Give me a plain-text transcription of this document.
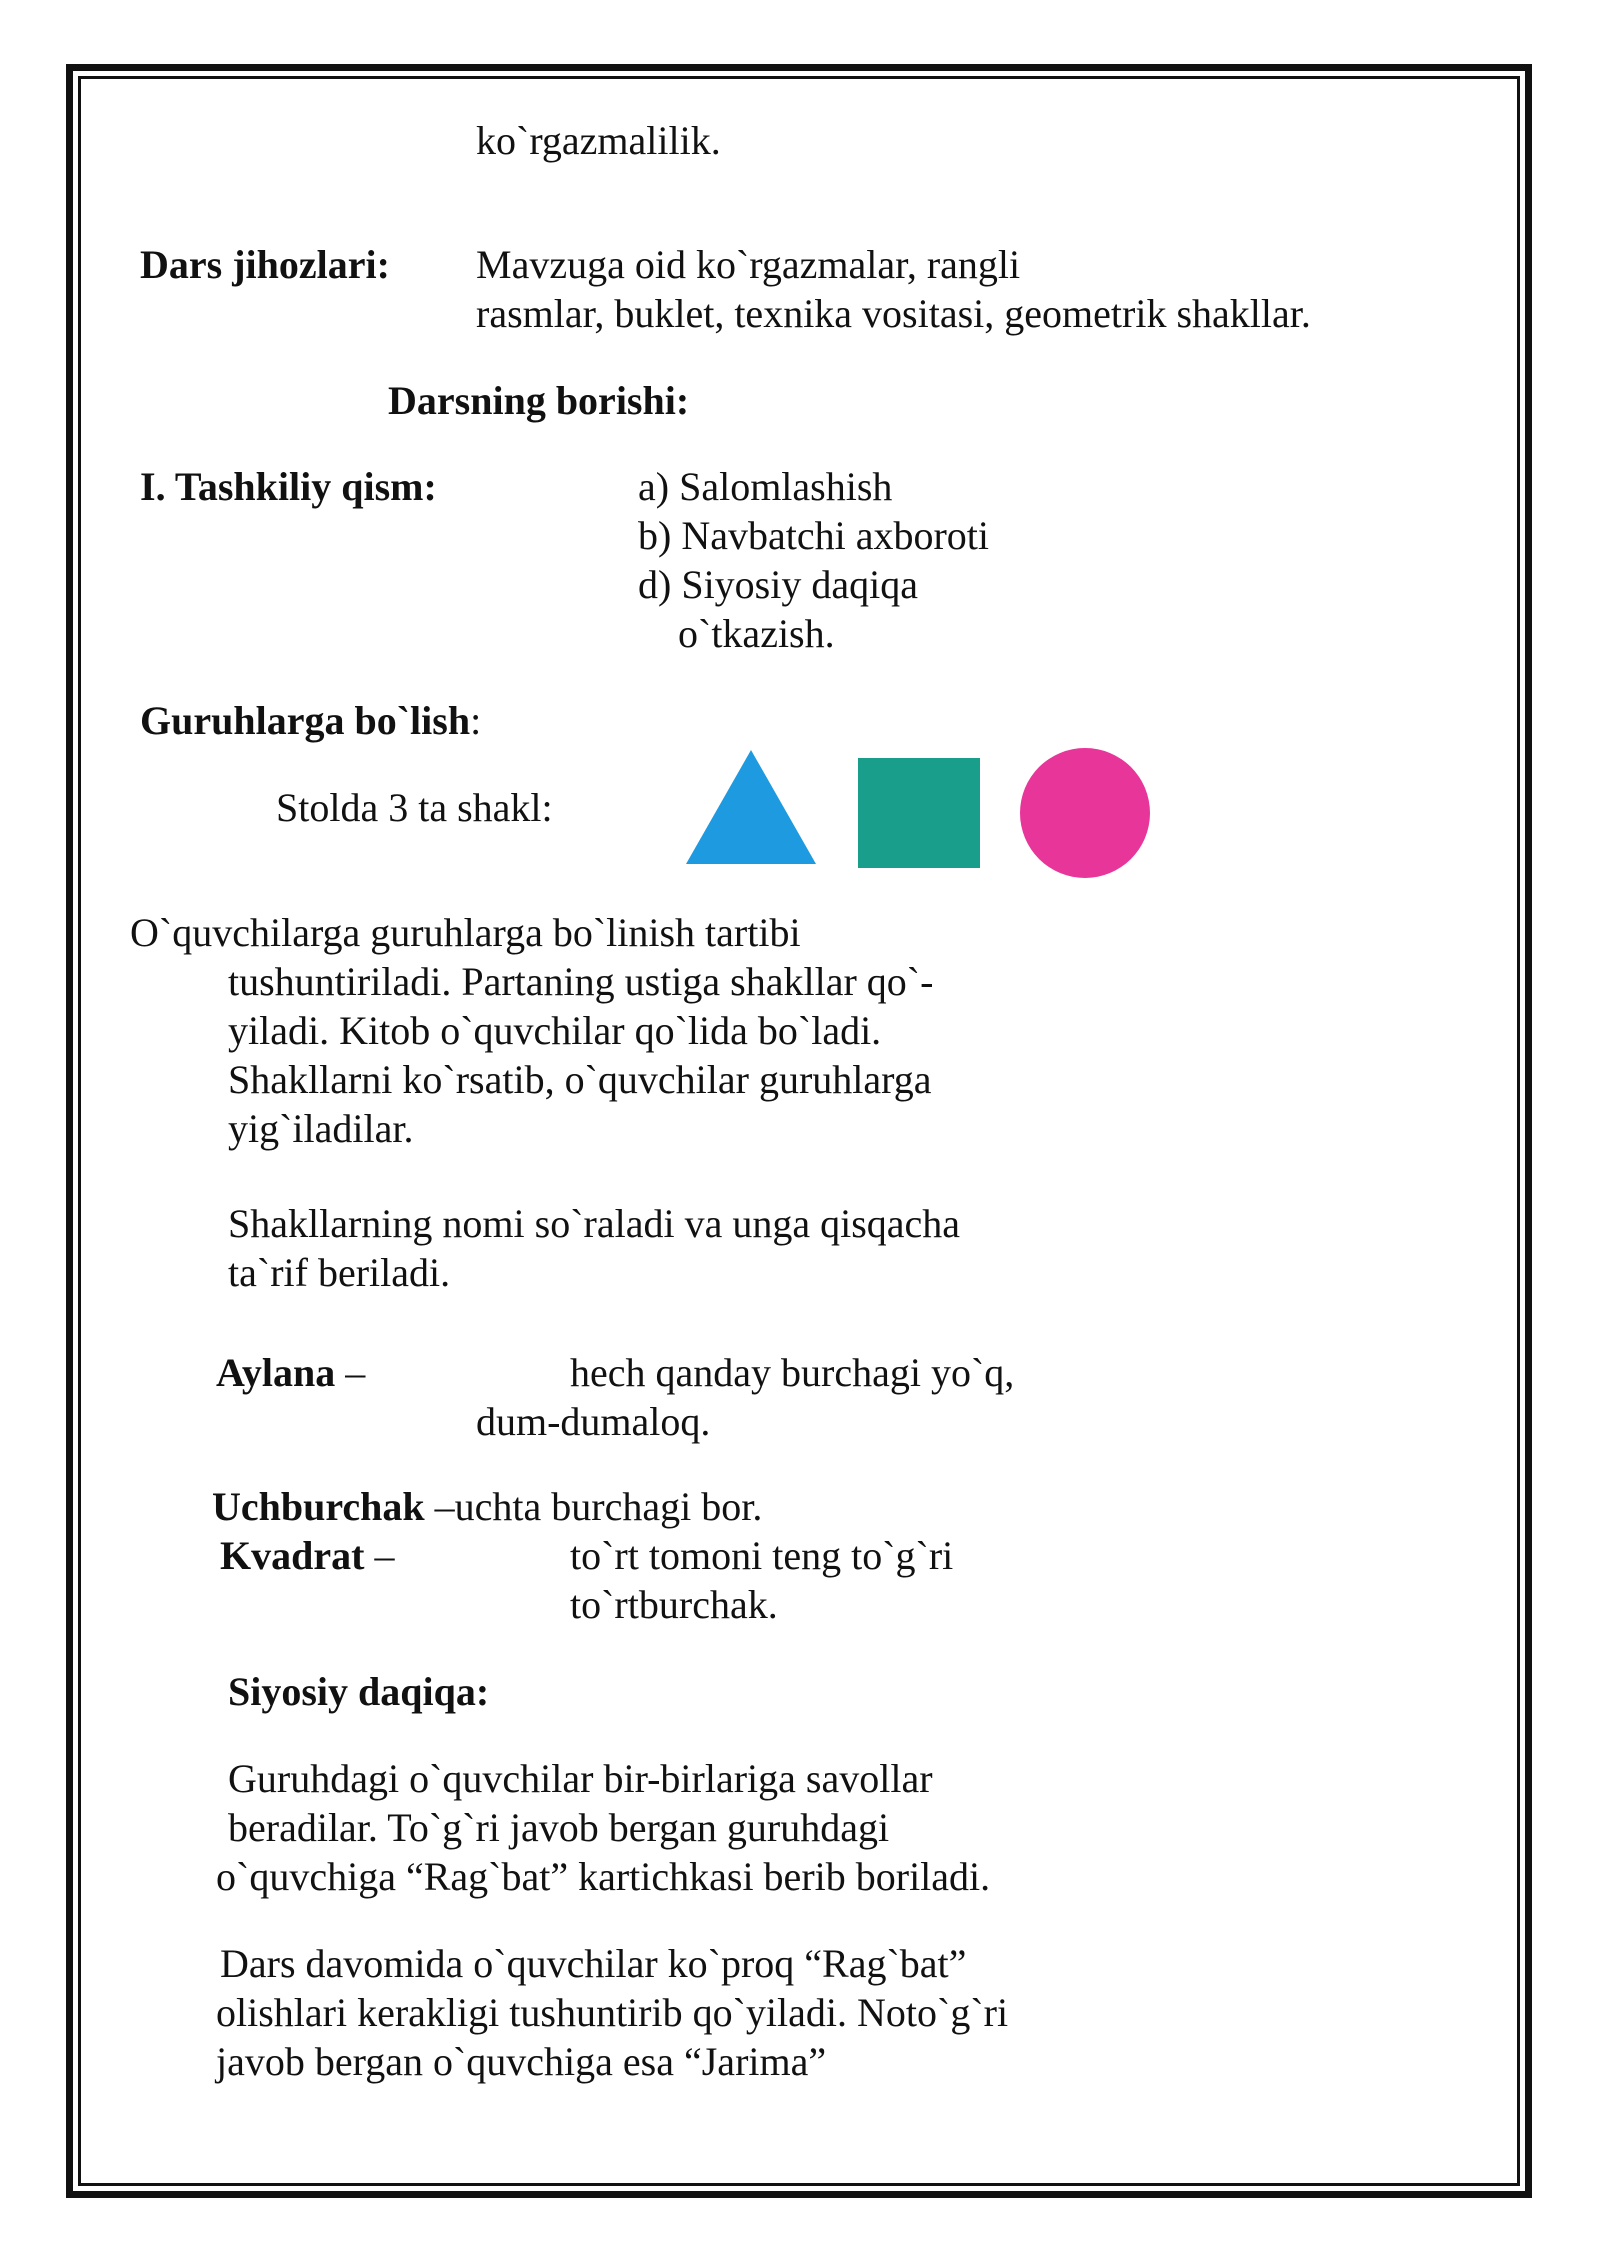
ko`rgazmalilik.
Dars jihozlari: Mavzuga oid ko`rgazmalar, rangli
rasmlar, buklet, texnika vositasi, geometrik shakllar.
Darsning borishi:
I. Tashkiliy qism:	a) Salomlashish
b) Navbatchi axboroti
d) Siyosiy daqiqa
o`tkazish.
Guruhlarga bo`lish:
Stolda 3 ta shakl:
O`quvchilarga guruhlarga bo`linish tartibi
tushuntiriladi. Partaning ustiga shakllar qo`-
yiladi. Kitob o`quvchilar qo`lida bo`ladi.
Shakllarni ko`rsatib, o`quvchilar guruhlarga
yig`iladilar.
Shakllarning nomi so`raladi va unga qisqacha
ta`rif beriladi.
Aylana –	hech qanday burchagi yo`q,
dum-dumaloq.
Uchburchak –uchta burchagi bor.
Kvadrat –	to`rt tomoni teng to`g`ri
to`rtburchak.
Siyosiy daqiqa:
Guruhdagi o`quvchilar bir-birlariga savollar
beradilar. To`g`ri javob bergan guruhdagi
o`quvchiga “Rag`bat” kartichkasi berib boriladi.
Dars davomida o`quvchilar ko`proq “Rag`bat”
olishlari kerakligi tushuntirib qo`yiladi. Noto`g`ri
javob bergan o`quvchiga esa “Jarima”
